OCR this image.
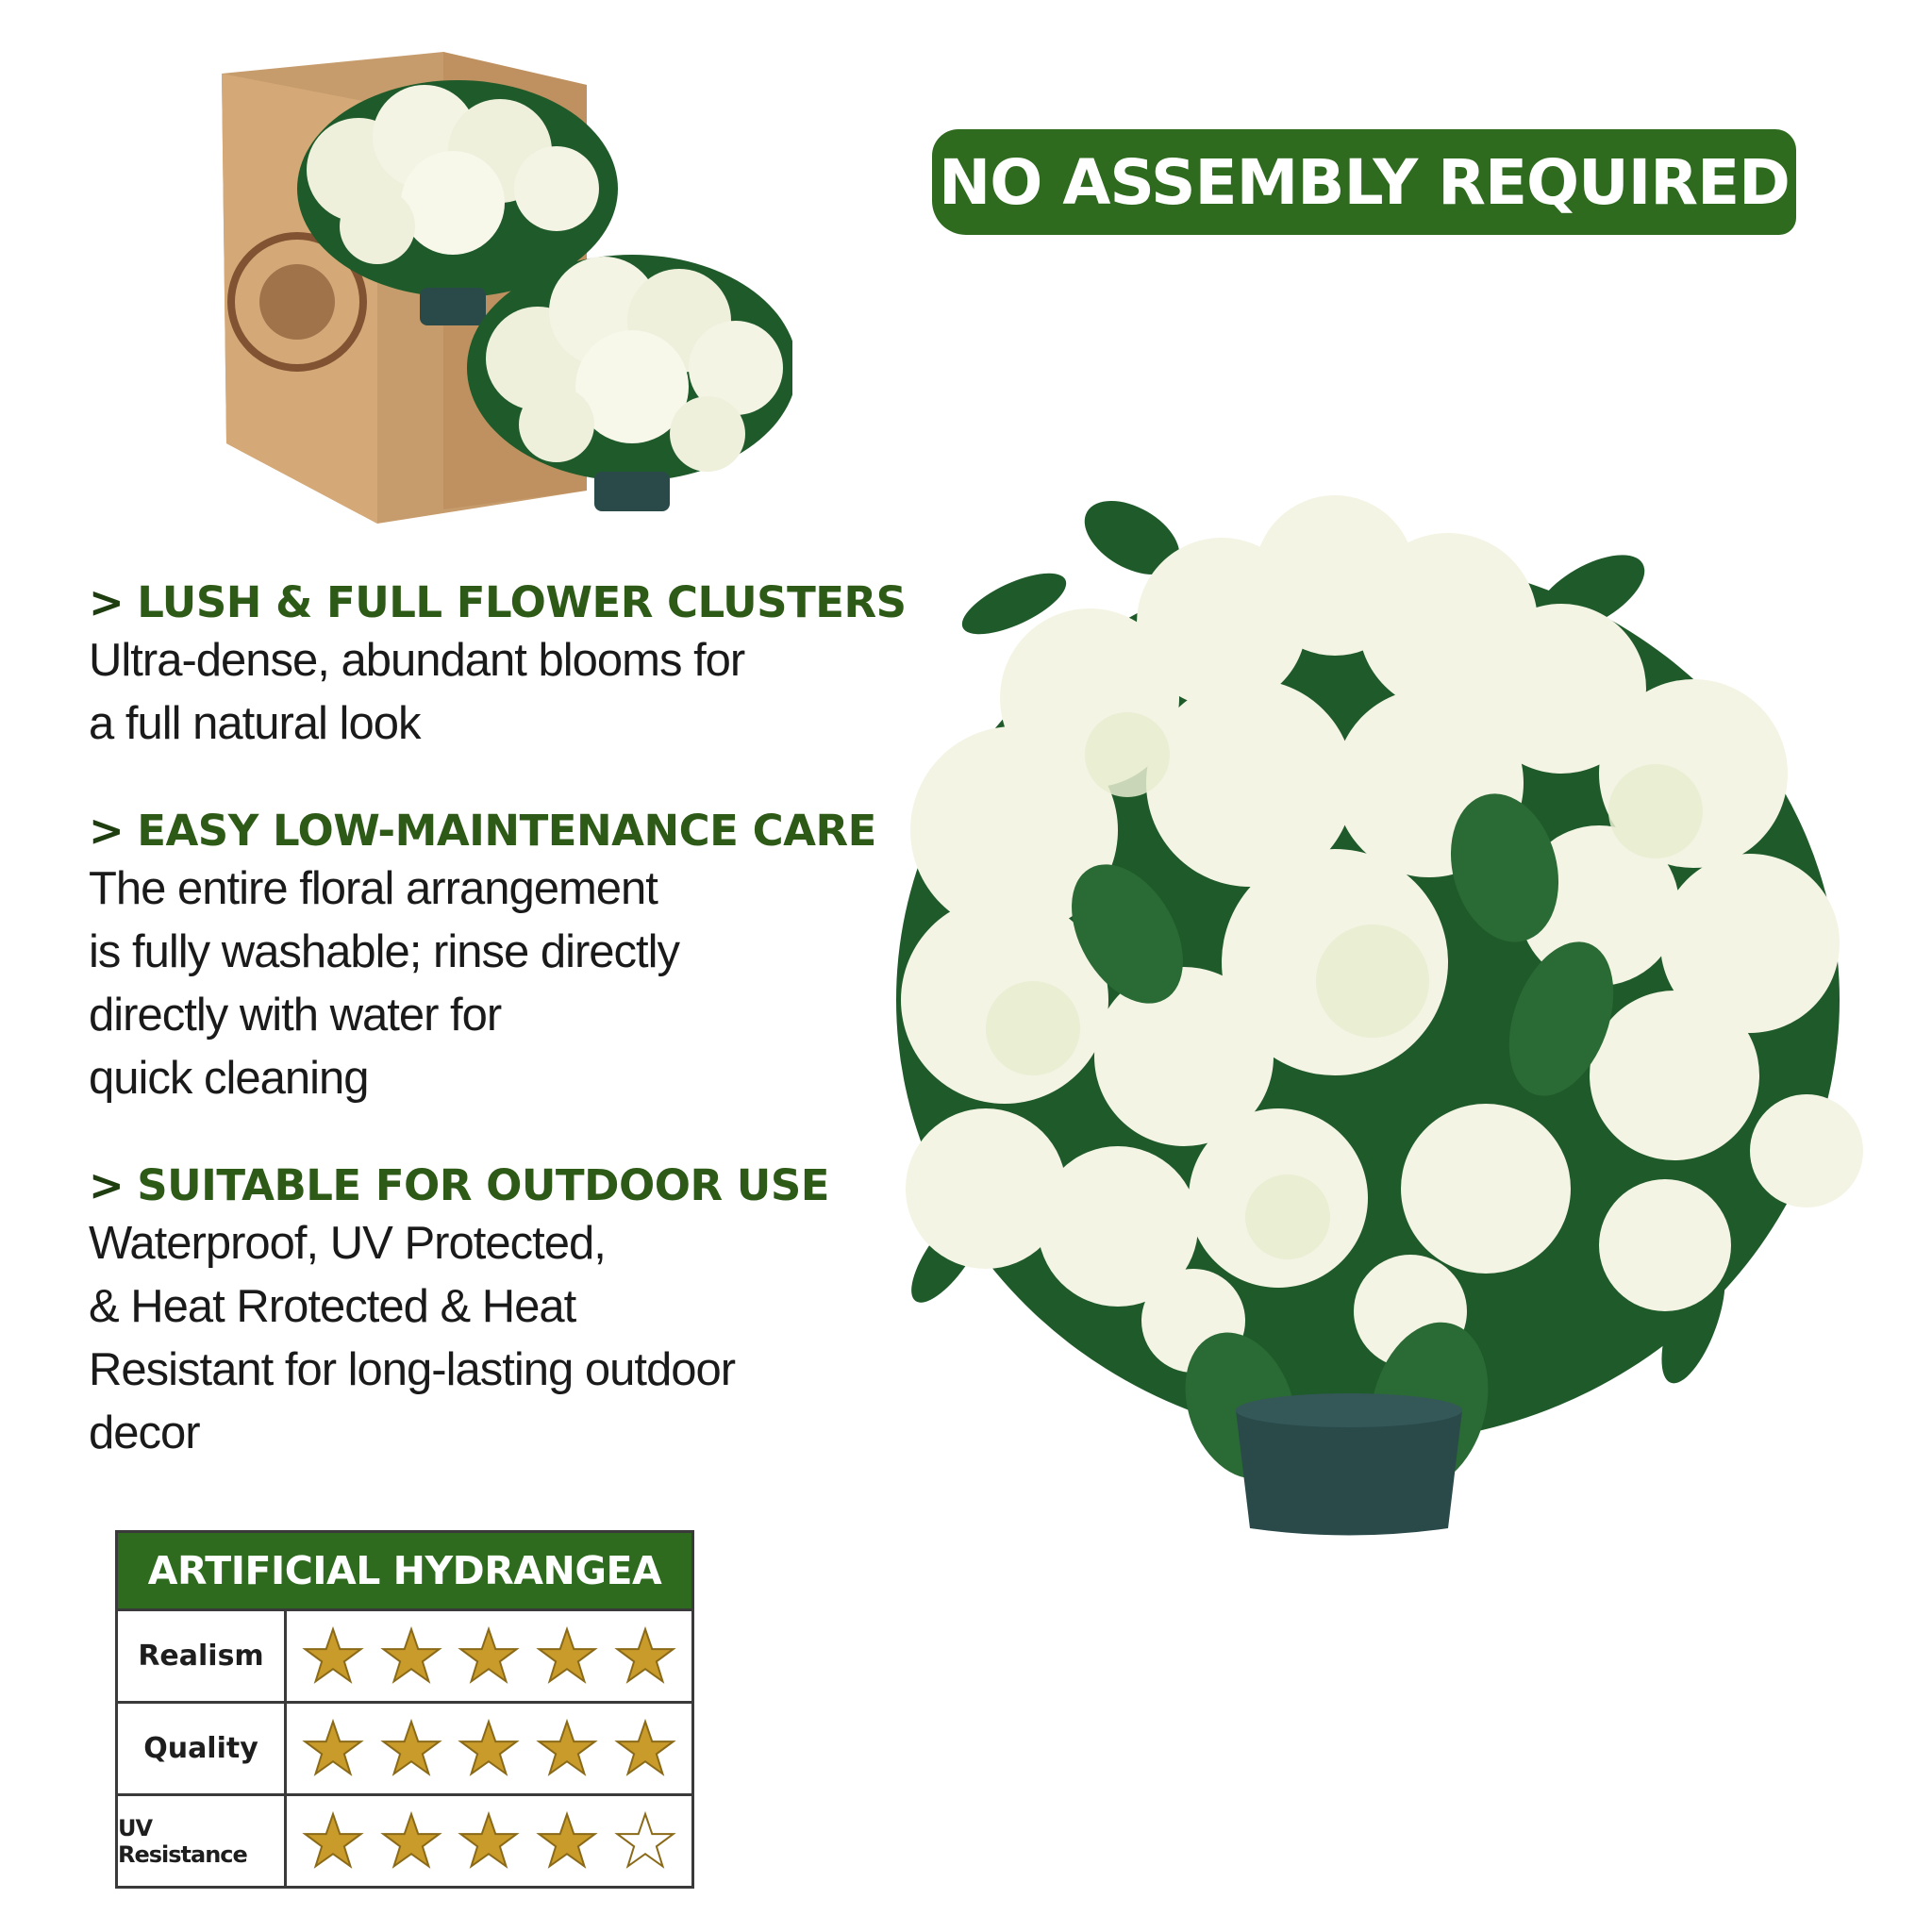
NO ASSEMBLY REQUIRED
> LUSH & FULL FLOWER CLUSTERS
Ultra-dense, abundant blooms for
a full natural look
> EASY LOW-MAINTENANCE CARE
The entire floral arrangement
is fully washable; rinse directly
directly with water for
quick cleaning
> SUITABLE FOR OUTDOOR USE
Waterproof, UV Protected,
& Heat Rrotected & Heat
Resistant for long-lasting outdoor
decor
ARTIFICIAL HYDRANGEA
Realism
Quality
UV Resistance
